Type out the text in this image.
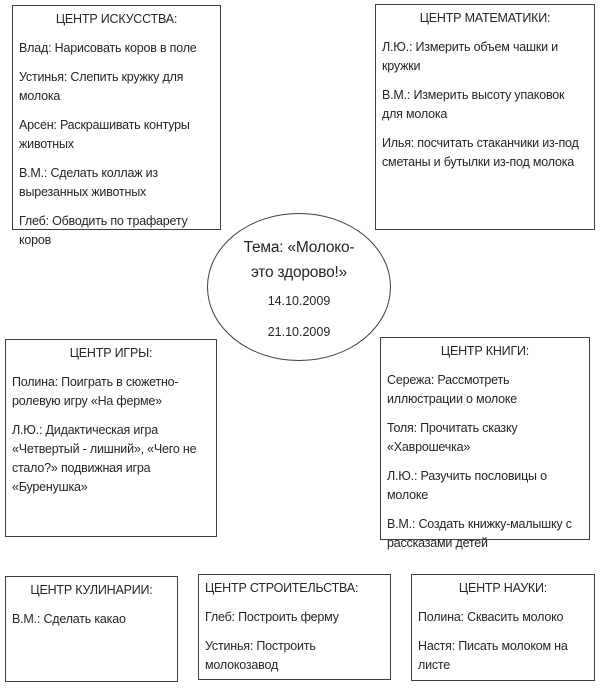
ЦЕНТР ИСКУССТВА:

Влад: Нарисовать коров в поле

Устинья: Слепить кружку для молока

Арсен: Раскрашивать контуры животных

В.М.: Сделать коллаж из вырезанных животных

Глеб: Обводить по трафарету коров

ЦЕНТР МАТЕМАТИКИ:

Л.Ю.: Измерить объем чашки и кружки

В.М.: Измерить высоту упаковок для молока

Илья: посчитать стаканчики из-под сметаны и бутылки из-под молока

Тема: «Молоко-

это здорово!»

14.10.2009

21.10.2009

ЦЕНТР ИГРЫ:

Полина: Поиграть в сюжетно-ролевую игру «На ферме»

Л.Ю.: Дидактическая игра «Четвертый - лишний», «Чего не стало?» подвижная игра «Буренушка»

ЦЕНТР КНИГИ:

Сережа: Рассмотреть иллюстрации о молоке

Толя: Прочитать сказку «Хаврошечка»

Л.Ю.: Разучить пословицы о молоке

В.М.: Создать книжку-малышку с рассказами детей

ЦЕНТР КУЛИНАРИИ:

В.М.: Сделать какао

ЦЕНТР СТРОИТЕЛЬСТВА:

Глеб: Построить ферму

Устинья: Построить молокозавод

ЦЕНТР НАУКИ:

Полина: Сквасить молоко

Настя: Писать молоком на листе
